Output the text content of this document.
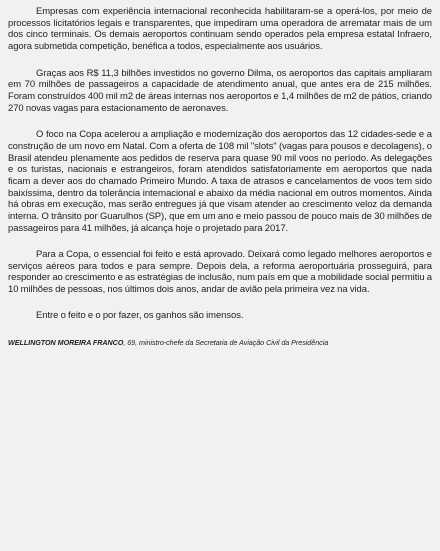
Empresas com experiência internacional reconhecida habilitaram-se a operá-los, por meio de processos licitatórios legais e transparentes, que impediram uma operadora de arrematar mais de um dos cinco terminais. Os demais aeroportos continuam sendo operados pela empresa estatal Infraero, agora submetida competição, benéfica a todos, especialmente aos usuários.

Graças aos R$ 11,3 bilhões investidos no governo Dilma, os aeroportos das capitais ampliaram em 70 milhões de passageiros a capacidade de atendimento anual, que antes era de 215 milhões. Foram construídos 400 mil m2 de áreas internas nos aeroportos e 1,4 milhões de m2 de pátios, criando 270 novas vagas para estacionamento de aeronaves.

O foco na Copa acelerou a ampliação e modernização dos aeroportos das 12 cidades-sede e a construção de um novo em Natal. Com a oferta de 108 mil "slots" (vagas para pousos e decolagens), o Brasil atendeu plenamente aos pedidos de reserva para quase 90 mil voos no período. As delegações e os turistas, nacionais e estrangeiros, foram atendidos satisfatoriamente em aeroportos que nada ficam a dever aos do chamado Primeiro Mundo. A taxa de atrasos e cancelamentos de voos tem sido baixíssima, dentro da tolerância internacional e abaixo da média nacional em outros momentos. Ainda há obras em execução, mas serão entregues já que visam atender ao crescimento veloz da demanda interna. O trânsito por Guarulhos (SP), que em um ano e meio passou de pouco mais de 30 milhões de passageiros para 41 milhões, já alcança hoje o projetado para 2017.

Para a Copa, o essencial foi feito e está aprovado. Deixará como legado melhores aeroportos e serviços aéreos para todos e para sempre. Depois dela, a reforma aeroportuária prosseguirá, para responder ao crescimento e as estratégias de inclusão, num país em que a mobilidade social permitiu a 10 milhões de pessoas, nos últimos dois anos, andar de avião pela primeira vez na vida.

Entre o feito e o por fazer, os ganhos são imensos.

WELLINGTON MOREIRA FRANCO, 69, ministro-chefe da Secretaria de Aviação Civil da Presidência
